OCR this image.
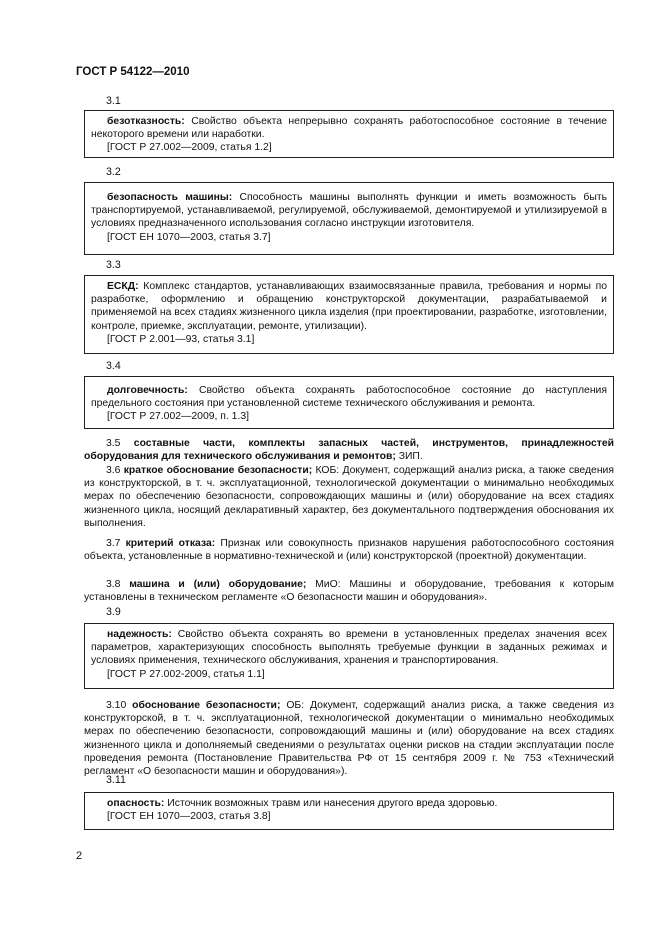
ГОСТ Р 54122—2010
3.1

безотказность: Свойство объекта непрерывно сохранять работоспособное состояние в течение некоторого времени или наработки.

[ГОСТ Р 27.002—2009, статья 1.2]

3.2

безопасность машины: Способность машины выполнять функции и иметь возможность быть транспортируемой, устанавливаемой, регулируемой, обслуживаемой, демонтируемой и утилизируемой в условиях предназначенного использования согласно инструкции изготовителя.

[ГОСТ ЕН 1070—2003, статья 3.7]

3.3

ЕСКД: Комплекс стандартов, устанавливающих взаимосвязанные правила, требования и нормы по разработке, оформлению и обращению конструкторской документации, разрабатываемой и применяемой на всех стадиях жизненного цикла изделия (при проектировании, разработке, изготовлении, контроле, приемке, эксплуатации, ремонте, утилизации).

[ГОСТ Р 2.001—93, статья 3.1]

3.4

долговечность: Свойство объекта сохранять работоспособное состояние до наступления предельного состояния при установленной системе технического обслуживания и ремонта.

[ГОСТ Р 27.002—2009, п. 1.3]

3.5 составные части, комплекты запасных частей, инструментов, принадлежностей оборудования для технического обслуживания и ремонтов; ЗИП.

3.6 краткое обоснование безопасности; КОБ: Документ, содержащий анализ риска, а также сведения из конструкторской, в т. ч. эксплуатационной, технологической документации о минимально необходимых мерах по обеспечению безопасности, сопровождающих машины и (или) оборудование на всех стадиях жизненного цикла, носящий декларативный характер, без документального подтверждения обоснования их выполнения.

3.7 критерий отказа: Признак или совокупность признаков нарушения работоспособного состояния объекта, установленные в нормативно-технической и (или) конструкторской (проектной) документации.

3.8 машина и (или) оборудование; МиО: Машины и оборудование, требования к которым установлены в техническом регламенте «О безопасности машин и оборудования».

3.9

надежность: Свойство объекта сохранять во времени в установленных пределах значения всех параметров, характеризующих способность выполнять требуемые функции в заданных режимах и условиях применения, технического обслуживания, хранения и транспортирования.

[ГОСТ Р 27.002-2009, статья 1.1]

3.10 обоснование безопасности; ОБ: Документ, содержащий анализ риска, а также сведения из конструкторской, в т. ч. эксплуатационной, технологической документации о минимально необходимых мерах по обеспечению безопасности, сопровождающий машины и (или) оборудование на всех стадиях жизненного цикла и дополняемый сведениями о результатах оценки рисков на стадии эксплуатации после проведения ремонта (Постановление Правительства РФ от 15 сентября 2009 г. № 753 «Технический регламент «О безопасности машин и оборудования»).

3.11

опасность: Источник возможных травм или нанесения другого вреда здоровью.

[ГОСТ ЕН 1070—2003, статья 3.8]

2
